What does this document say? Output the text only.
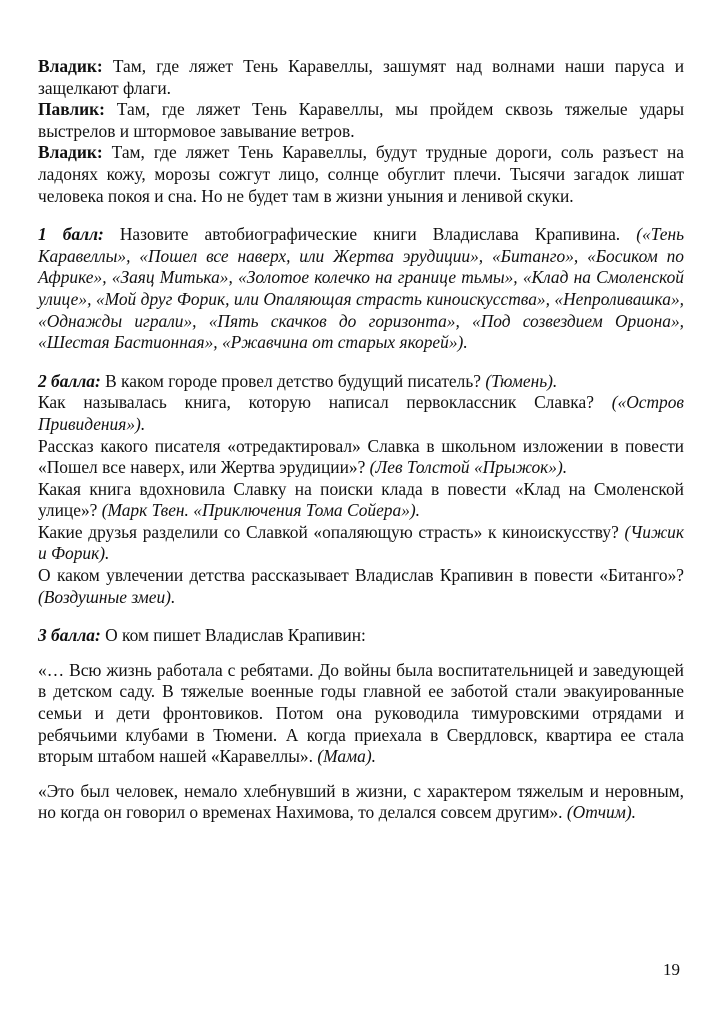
Владик: Там, где ляжет Тень Каравеллы, зашумят над волнами наши паруса и защелкают флаги.

Павлик: Там, где ляжет Тень Каравеллы, мы пройдем сквозь тяжелые удары выстрелов и штормовое завывание ветров.

Владик: Там, где ляжет Тень Каравеллы, будут трудные дороги, соль разъест на ладонях кожу, морозы сожгут лицо, солнце обуглит плечи. Тысячи загадок лишат человека покоя и сна. Но не будет там в жизни уныния и ленивой скуки.

1 балл: Назовите автобиографические книги Владислава Крапивина. («Тень Каравеллы», «Пошел все наверх, или Жертва эрудиции», «Битанго», «Босиком по Африке», «Заяц Митька», «Золотое колечко на границе тьмы», «Клад на Смоленской улице», «Мой друг Форик, или Опаляющая страсть киноискусства», «Непроливашка», «Однажды играли», «Пять скачков до горизонта», «Под созвездием Ориона», «Шестая Бастионная», «Ржавчина от старых якорей»).

2 балла: В каком городе провел детство будущий писатель? (Тюмень).

Как называлась книга, которую написал первоклассник Славка? («Остров Привидения»).

Рассказ какого писателя «отредактировал» Славка в школьном изложении в повести «Пошел все наверх, или Жертва эрудиции»? (Лев Толстой «Прыжок»).

Какая книга вдохновила Славку на поиски клада в повести «Клад на Смоленской улице»? (Марк Твен. «Приключения Тома Сойера»).

Какие друзья разделили со Славкой «опаляющую страсть» к киноискусству? (Чижик и Форик).

О каком увлечении детства рассказывает Владислав Крапивин в повести «Битанго»? (Воздушные змеи).

3 балла: О ком пишет Владислав Крапивин:

«… Всю жизнь работала с ребятами. До войны была воспитательницей и заведующей в детском саду. В тяжелые военные годы главной ее заботой стали эвакуированные семьи и дети фронтовиков. Потом она руководила тимуровскими отрядами и ребячьими клубами в Тюмени. А когда приехала в Свердловск, квартира ее стала вторым штабом нашей «Каравеллы». (Мама).

«Это был человек, немало хлебнувший в жизни, с характером тяжелым и неровным, но когда он говорил о временах Нахимова, то делался совсем другим». (Отчим).

19
